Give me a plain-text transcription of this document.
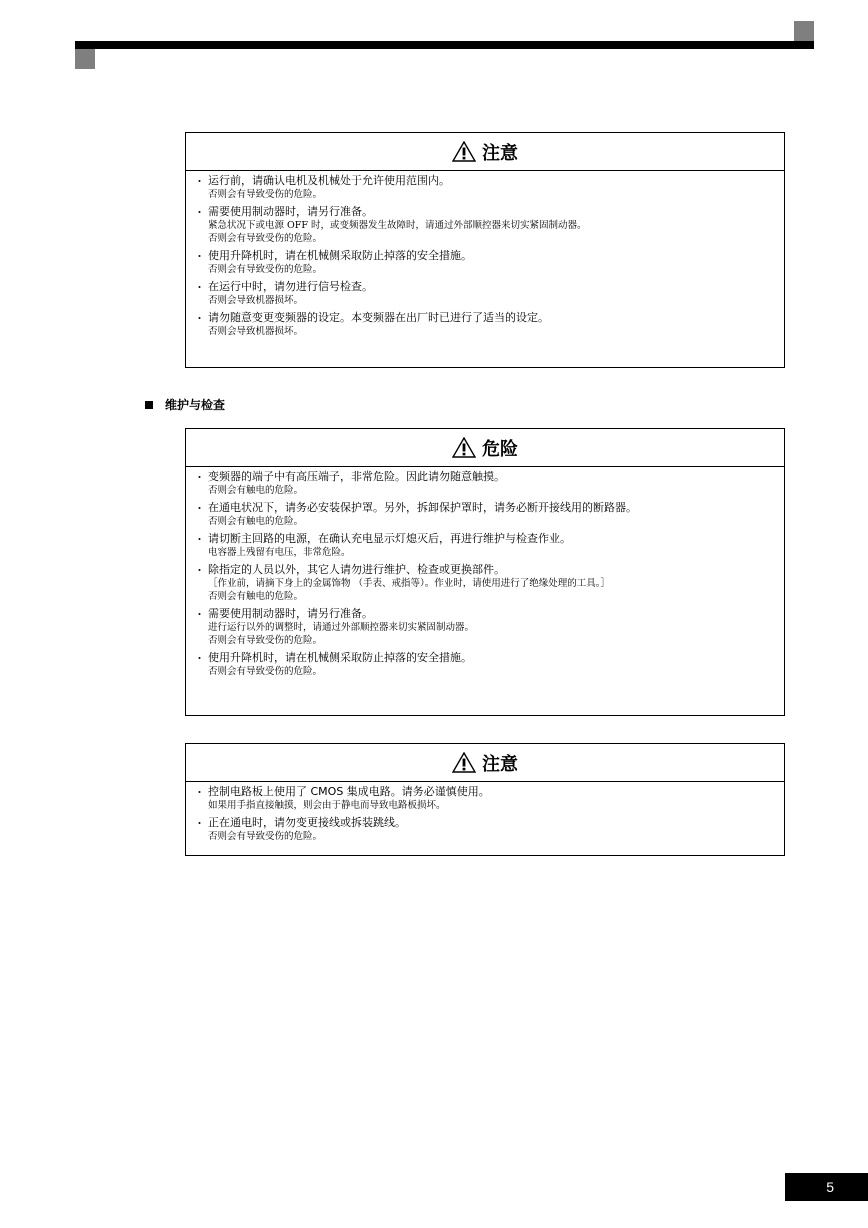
注意
・ 运行前，请确认电机及机械处于允许使用范围内。
否则会有导致受伤的危险。
・ 需要使用制动器时，请另行准备。
紧急状况下或电源 OFF 时，或变频器发生故障时，请通过外部顺控器来切实紧固制动器。
否则会有导致受伤的危险。
・ 使用升降机时，请在机械侧采取防止掉落的安全措施。
否则会有导致受伤的危险。
・ 在运行中时，请勿进行信号检查。
否则会导致机器损坏。
・ 请勿随意变更变频器的设定。本变频器在出厂时已进行了适当的设定。
否则会导致机器损坏。
维护与检查
危险
・ 变频器的端子中有高压端子，非常危险。因此请勿随意触摸。
否则会有触电的危险。
・ 在通电状况下，请务必安装保护罩。另外，拆卸保护罩时，请务必断开接线用的断路器。
否则会有触电的危险。
・ 请切断主回路的电源，在确认充电显示灯熄灭后，再进行维护与检查作业。
电容器上残留有电压，非常危险。
・ 除指定的人员以外，其它人请勿进行维护、检查或更换部件。
［作业前，请摘下身上的金属饰物 （手表、戒指等）。作业时，请使用进行了绝缘处理的工具。］
否则会有触电的危险。
・ 需要使用制动器时，请另行准备。
进行运行以外的调整时，请通过外部顺控器来切实紧固制动器。
否则会有导致受伤的危险。
・ 使用升降机时，请在机械侧采取防止掉落的安全措施。
否则会有导致受伤的危险。
注意
・ 控制电路板上使用了 CMOS 集成电路。请务必谨慎使用。
如果用手指直接触摸，则会由于静电而导致电路板损坏。
・ 正在通电时，请勿变更接线或拆装跳线。
否则会有导致受伤的危险。
5
